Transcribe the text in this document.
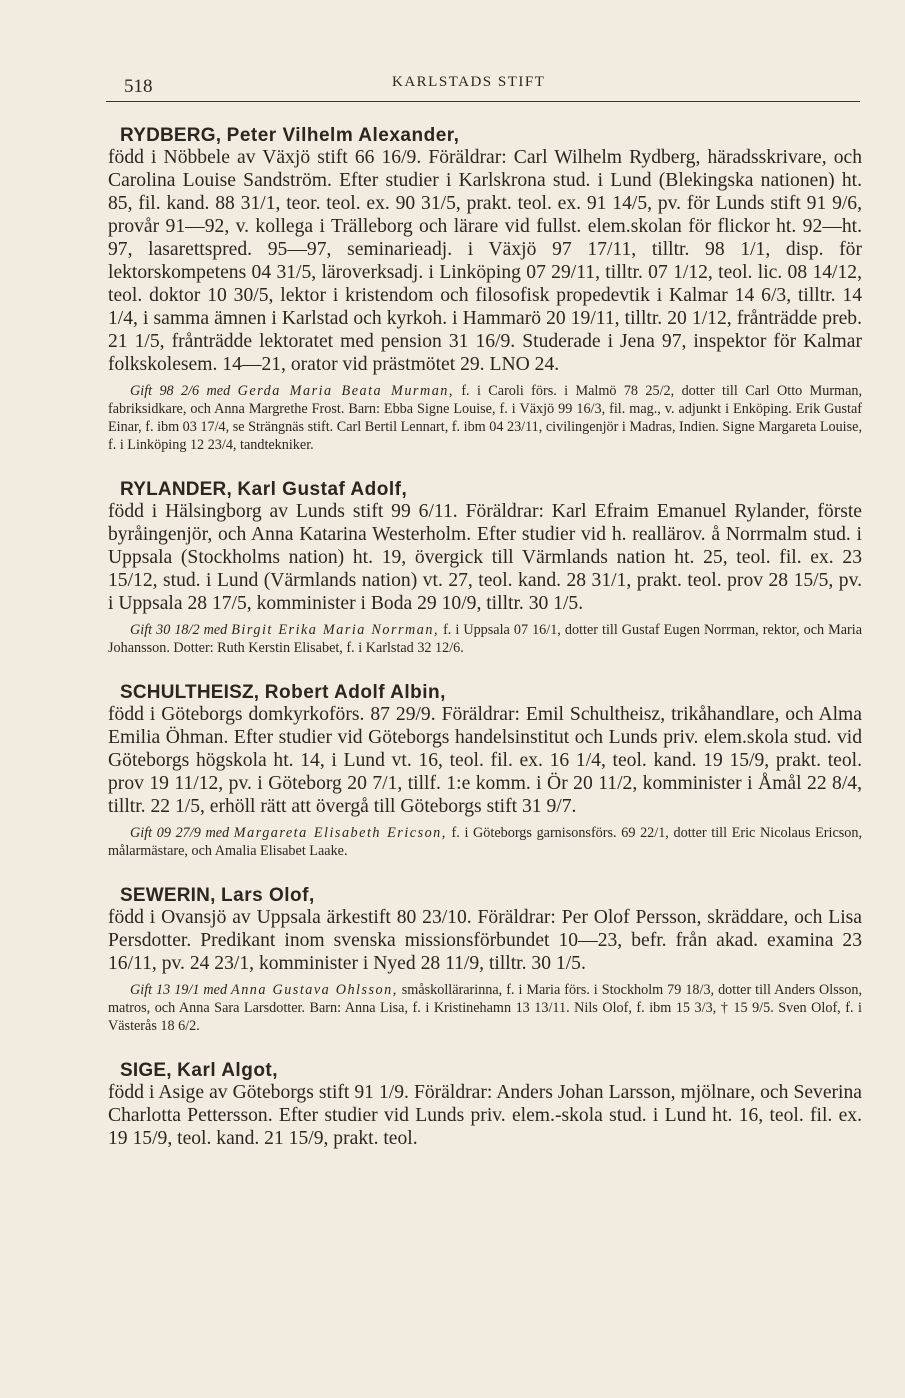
518	KARLSTADS STIFT
RYDBERG, Peter Vilhelm Alexander,

född i Nöbbele av Växjö stift 66 16/9. Föräldrar: Carl Wilhelm Rydberg, häradsskrivare, och Carolina Louise Sandström. Efter studier i Karlskrona stud. i Lund (Blekingska nationen) ht. 85, fil. kand. 88 31/1, teor. teol. ex. 90 31/5, prakt. teol. ex. 91 14/5, pv. för Lunds stift 91 9/6, provår 91—92, v. kollega i Trälleborg och lärare vid fullst. elem.skolan för flickor ht. 92—ht. 97, lasarettspred. 95—97, seminarieadj. i Växjö 97 17/11, tilltr. 98 1/1, disp. för lektorskompetens 04 31/5, läroverksadj. i Linköping 07 29/11, tilltr. 07 1/12, teol. lic. 08 14/12, teol. doktor 10 30/5, lektor i kristendom och filosofisk propedevtik i Kalmar 14 6/3, tilltr. 14 1/4, i samma ämnen i Karlstad och kyrkoh. i Hammarö 20 19/11, tilltr. 20 1/12, frånträdde preb. 21 1/5, frånträdde lektoratet med pension 31 16/9. Studerade i Jena 97, inspektor för Kalmar folkskolesem. 14—21, orator vid prästmötet 29. LNO 24.

Gift 98 2/6 med Gerda Maria Beata Murman, f. i Caroli förs. i Malmö 78 25/2, dotter till Carl Otto Murman, fabriksidkare, och Anna Margrethe Frost. Barn: Ebba Signe Louise, f. i Växjö 99 16/3, fil. mag., v. adjunkt i Enköping. Erik Gustaf Einar, f. ibm 03 17/4, se Strängnäs stift. Carl Bertil Lennart, f. ibm 04 23/11, civilingenjör i Madras, Indien. Signe Margareta Louise, f. i Linköping 12 23/4, tandtekniker.

RYLANDER, Karl Gustaf Adolf,

född i Hälsingborg av Lunds stift 99 6/11. Föräldrar: Karl Efraim Emanuel Rylander, förste byråingenjör, och Anna Katarina Westerholm. Efter studier vid h. reallärov. å Norrmalm stud. i Uppsala (Stockholms nation) ht. 19, övergick till Värmlands nation ht. 25, teol. fil. ex. 23 15/12, stud. i Lund (Värmlands nation) vt. 27, teol. kand. 28 31/1, prakt. teol. prov 28 15/5, pv. i Uppsala 28 17/5, komminister i Boda 29 10/9, tilltr. 30 1/5.

Gift 30 18/2 med Birgit Erika Maria Norrman, f. i Uppsala 07 16/1, dotter till Gustaf Eugen Norrman, rektor, och Maria Johansson. Dotter: Ruth Kerstin Elisabet, f. i Karlstad 32 12/6.

SCHULTHEISZ, Robert Adolf Albin,

född i Göteborgs domkyrkoförs. 87 29/9. Föräldrar: Emil Schultheisz, trikåhandlare, och Alma Emilia Öhman. Efter studier vid Göteborgs handelsinstitut och Lunds priv. elem.skola stud. vid Göteborgs högskola ht. 14, i Lund vt. 16, teol. fil. ex. 16 1/4, teol. kand. 19 15/9, prakt. teol. prov 19 11/12, pv. i Göteborg 20 7/1, tillf. 1:e komm. i Ör 20 11/2, komminister i Åmål 22 8/4, tilltr. 22 1/5, erhöll rätt att övergå till Göteborgs stift 31 9/7.

Gift 09 27/9 med Margareta Elisabeth Ericson, f. i Göteborgs garnisonsförs. 69 22/1, dotter till Eric Nicolaus Ericson, målarmästare, och Amalia Elisabet Laake.

SEWERIN, Lars Olof,

född i Ovansjö av Uppsala ärkestift 80 23/10. Föräldrar: Per Olof Persson, skräddare, och Lisa Persdotter. Predikant inom svenska missionsförbundet 10—23, befr. från akad. examina 23 16/11, pv. 24 23/1, komminister i Nyed 28 11/9, tilltr. 30 1/5.

Gift 13 19/1 med Anna Gustava Ohlsson, småskollärarinna, f. i Maria förs. i Stockholm 79 18/3, dotter till Anders Olsson, matros, och Anna Sara Larsdotter. Barn: Anna Lisa, f. i Kristinehamn 13 13/11. Nils Olof, f. ibm 15 3/3, † 15 9/5. Sven Olof, f. i Västerås 18 6/2.

SIGE, Karl Algot,

född i Asige av Göteborgs stift 91 1/9. Föräldrar: Anders Johan Larsson, mjölnare, och Severina Charlotta Pettersson. Efter studier vid Lunds priv. elem.-skola stud. i Lund ht. 16, teol. fil. ex. 19 15/9, teol. kand. 21 15/9, prakt. teol.
